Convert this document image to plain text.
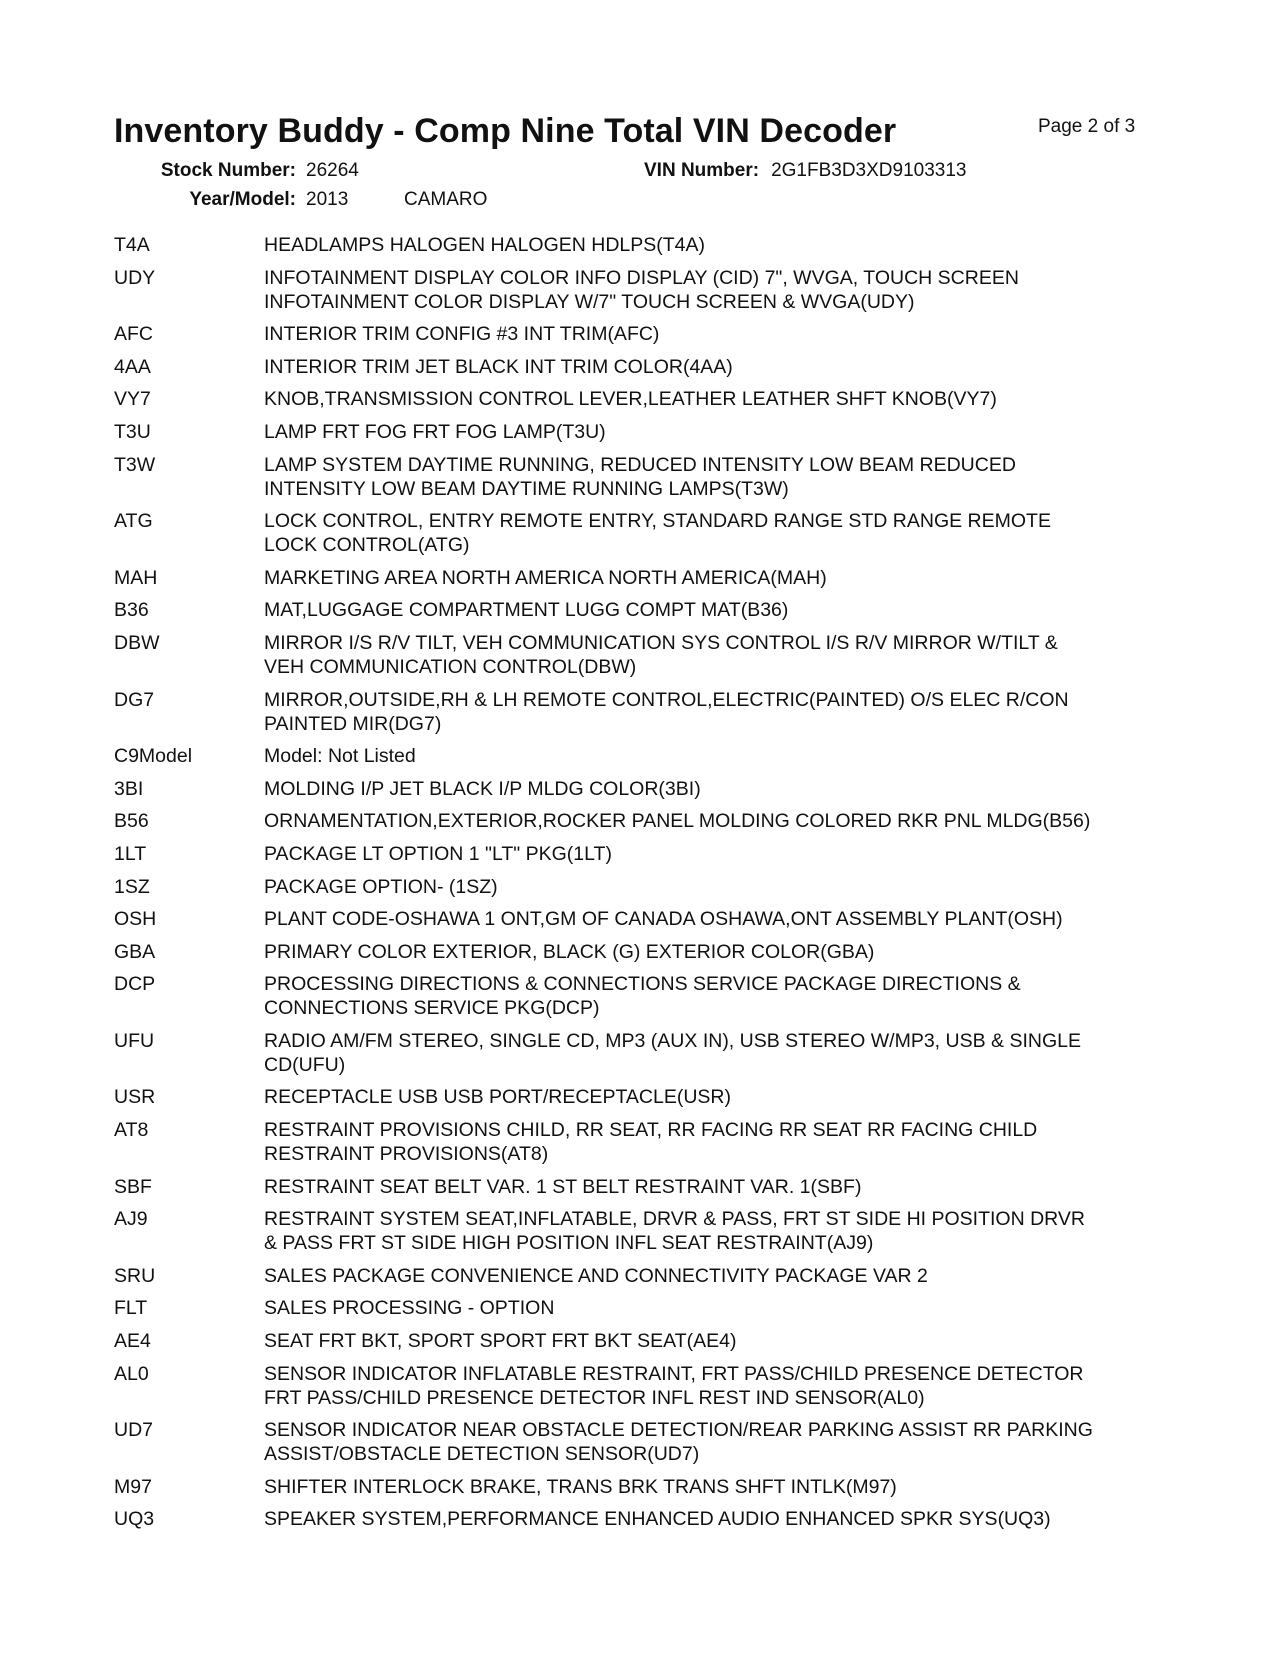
Inventory Buddy - Comp Nine Total VIN Decoder	Page 2 of 3
Stock Number: 26264	VIN Number: 2G1FB3D3XD9103313
Year/Model: 2013	CAMARO
T4A	HEADLAMPS HALOGEN HALOGEN HDLPS(T4A)
UDY	INFOTAINMENT DISPLAY COLOR INFO DISPLAY (CID) 7", WVGA, TOUCH SCREEN
INFOTAINMENT COLOR DISPLAY W/7" TOUCH SCREEN & WVGA(UDY)
AFC	INTERIOR TRIM CONFIG #3 INT TRIM(AFC)
4AA	INTERIOR TRIM JET BLACK INT TRIM COLOR(4AA)
VY7	KNOB,TRANSMISSION CONTROL LEVER,LEATHER LEATHER SHFT KNOB(VY7)
T3U	LAMP FRT FOG FRT FOG LAMP(T3U)
T3W	LAMP SYSTEM DAYTIME RUNNING, REDUCED INTENSITY LOW BEAM REDUCED
INTENSITY LOW BEAM DAYTIME RUNNING LAMPS(T3W)
ATG	LOCK CONTROL, ENTRY REMOTE ENTRY, STANDARD RANGE STD RANGE REMOTE
LOCK CONTROL(ATG)
MAH	MARKETING AREA NORTH AMERICA NORTH AMERICA(MAH)
B36	MAT,LUGGAGE COMPARTMENT LUGG COMPT MAT(B36)
DBW	MIRROR I/S R/V TILT, VEH COMMUNICATION SYS CONTROL I/S R/V MIRROR W/TILT &
VEH COMMUNICATION CONTROL(DBW)
DG7	MIRROR,OUTSIDE,RH & LH REMOTE CONTROL,ELECTRIC(PAINTED) O/S ELEC R/CON
PAINTED MIR(DG7)
C9Model	Model: Not Listed
3BI	MOLDING I/P JET BLACK I/P MLDG COLOR(3BI)
B56	ORNAMENTATION,EXTERIOR,ROCKER PANEL MOLDING COLORED RKR PNL MLDG(B56)
1LT	PACKAGE LT OPTION 1 "LT" PKG(1LT)
1SZ	PACKAGE OPTION- (1SZ)
OSH	PLANT CODE-OSHAWA 1 ONT,GM OF CANADA OSHAWA,ONT ASSEMBLY PLANT(OSH)
GBA	PRIMARY COLOR EXTERIOR, BLACK (G) EXTERIOR COLOR(GBA)
DCP	PROCESSING DIRECTIONS & CONNECTIONS SERVICE PACKAGE DIRECTIONS &
CONNECTIONS SERVICE PKG(DCP)
UFU	RADIO AM/FM STEREO, SINGLE CD, MP3 (AUX IN), USB STEREO W/MP3, USB & SINGLE
CD(UFU)
USR	RECEPTACLE USB USB PORT/RECEPTACLE(USR)
AT8	RESTRAINT PROVISIONS CHILD, RR SEAT, RR FACING RR SEAT RR FACING CHILD
RESTRAINT PROVISIONS(AT8)
SBF	RESTRAINT SEAT BELT VAR. 1 ST BELT RESTRAINT VAR. 1(SBF)
AJ9	RESTRAINT SYSTEM SEAT,INFLATABLE, DRVR & PASS, FRT ST SIDE HI POSITION DRVR
& PASS FRT ST SIDE HIGH POSITION INFL SEAT RESTRAINT(AJ9)
SRU	SALES PACKAGE CONVENIENCE AND CONNECTIVITY PACKAGE VAR 2
FLT	SALES PROCESSING - OPTION
AE4	SEAT FRT BKT, SPORT SPORT FRT BKT SEAT(AE4)
AL0	SENSOR INDICATOR INFLATABLE RESTRAINT, FRT PASS/CHILD PRESENCE DETECTOR
FRT PASS/CHILD PRESENCE DETECTOR INFL REST IND SENSOR(AL0)
UD7	SENSOR INDICATOR NEAR OBSTACLE DETECTION/REAR PARKING ASSIST RR PARKING
ASSIST/OBSTACLE DETECTION SENSOR(UD7)
M97	SHIFTER INTERLOCK BRAKE, TRANS BRK TRANS SHFT INTLK(M97)
UQ3	SPEAKER SYSTEM,PERFORMANCE ENHANCED AUDIO ENHANCED SPKR SYS(UQ3)
